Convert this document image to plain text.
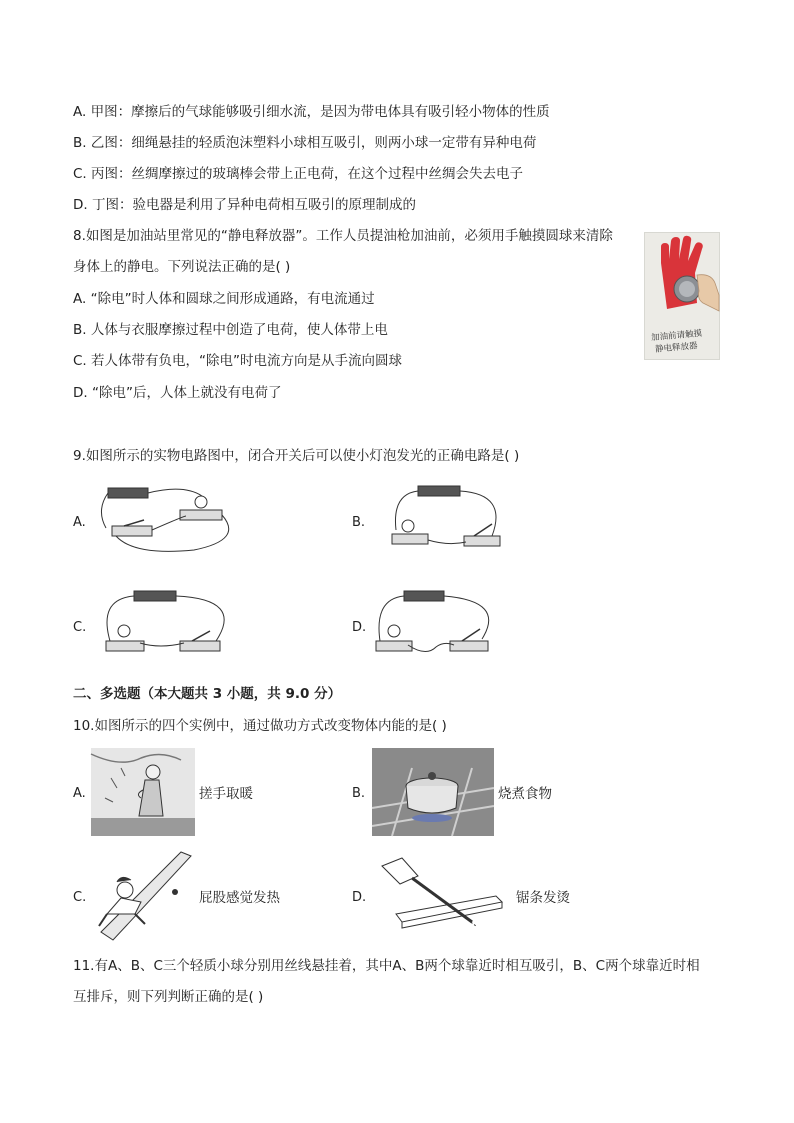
A. 甲图：摩擦后的气球能够吸引细水流，是因为带电体具有吸引轻小物体的性质
B. 乙图：细绳悬挂的轻质泡沫塑料小球相互吸引，则两小球一定带有异种电荷
C. 丙图：丝绸摩擦过的玻璃棒会带上正电荷，在这个过程中丝绸会失去电子
D. 丁图：验电器是利用了异种电荷相互吸引的原理制成的
8.如图是加油站里常见的“静电释放器”。工作人员提油枪加油前，必须用手触摸圆球来清除
身体上的静电。下列说法正确的是( )
A. “除电”时人体和圆球之间形成通路，有电流通过
B. 人体与衣服摩擦过程中创造了电荷，使人体带上电
C. 若人体带有负电，“除电”时电流方向是从手流向圆球
D. “除电”后，人体上就没有电荷了
加油前请触摸
静电释放器
9.如图所示的实物电路图中，闭合开关后可以使小灯泡发光的正确电路是( )
A.	B.
C.	D.
二、多选题（本大题共 3 小题，共 9.0 分）
10.如图所示的四个实例中，通过做功方式改变物体内能的是( )
A.	B.
C.	D.
搓手取暖	烧煮食物
屁股感觉发热	锯条发烫
11.有A、B、C三个轻质小球分别用丝线悬挂着，其中A、B两个球靠近时相互吸引，B、C两个球靠近时相
互排斥，则下列判断正确的是( )
